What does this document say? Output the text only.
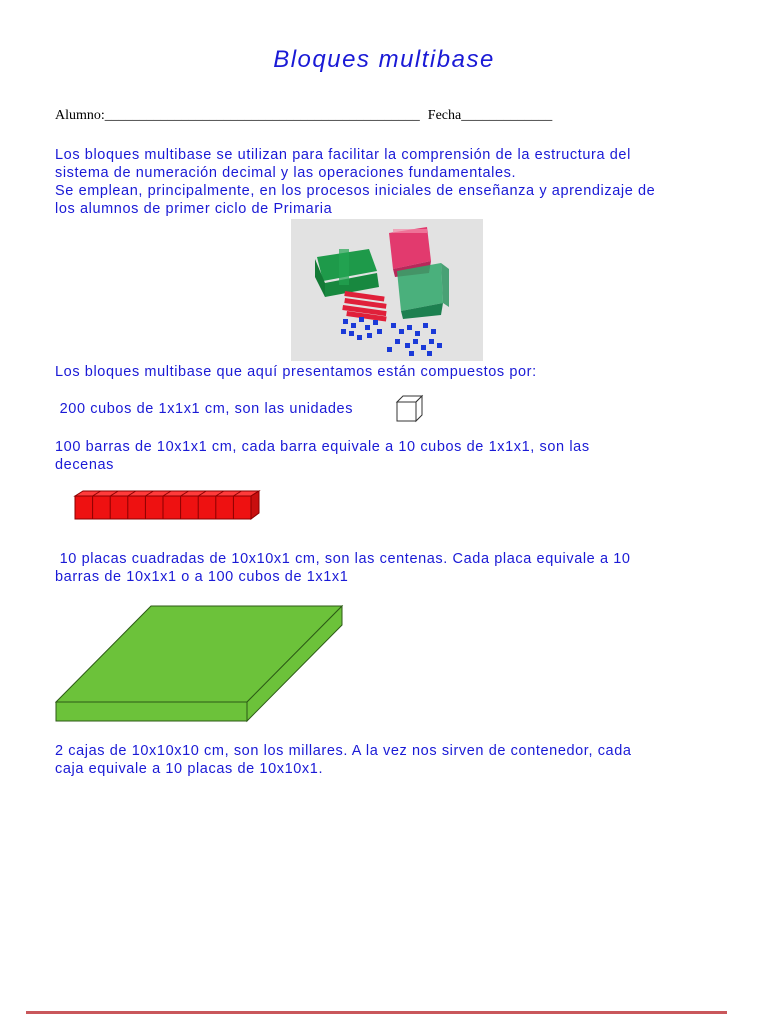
Bloques multibase
Alumno:_____________________________________________ Fecha_____________
Los bloques multibase se utilizan para facilitar la comprensión de la estructura del
sistema de numeración decimal y las operaciones fundamentales.
Se emplean, principalmente, en los procesos iniciales de enseñanza y aprendizaje de
los alumnos de primer ciclo de Primaria
Los bloques multibase que aquí presentamos están compuestos por:
200 cubos de 1x1x1 cm, son las unidades
100 barras de 10x1x1 cm, cada barra equivale a 10 cubos de 1x1x1, son las
decenas
10 placas cuadradas de 10x10x1 cm, son las centenas. Cada placa equivale a 10
barras de 10x1x1 o a 100 cubos de 1x1x1
2 cajas de 10x10x10 cm, son los millares. A la vez nos sirven de contenedor, cada
caja equivale a 10 placas de 10x10x1.
